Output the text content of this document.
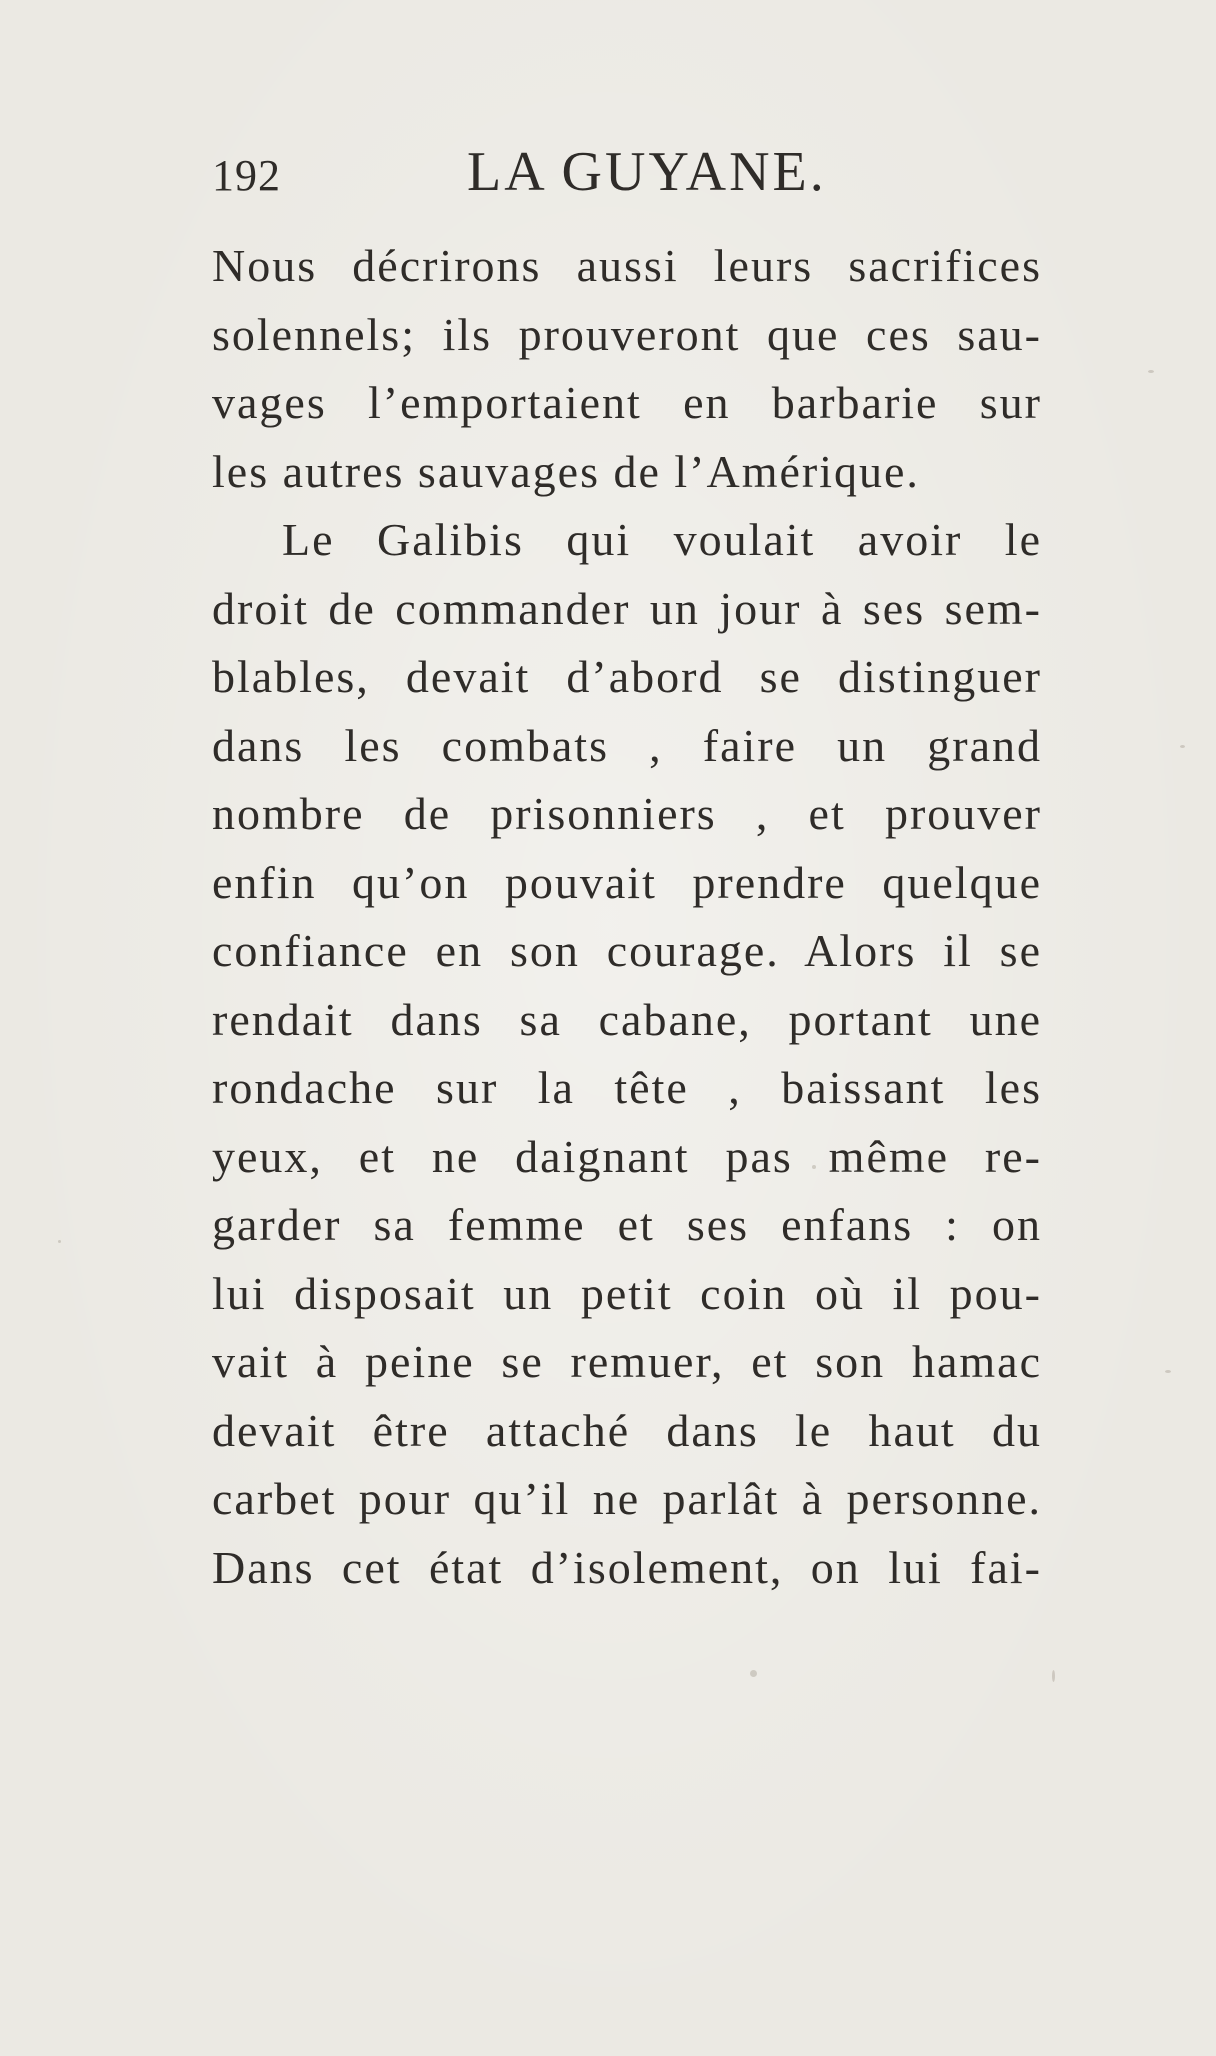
192	LA GUYANE.
Nous décrirons aussi leurs sacrifices
solennels; ils prouveront que ces sau-
vages l’emportaient en barbarie sur
les autres sauvages de l’Amérique.
Le Galibis qui voulait avoir le
droit de commander un jour à ses sem-
blables, devait d’abord se distinguer
dans les combats , faire un grand
nombre de prisonniers , et prouver
enfin qu’on pouvait prendre quelque
confiance en son courage. Alors il se
rendait dans sa cabane, portant une
rondache sur la tête , baissant les
yeux, et ne daignant pas même re-
garder sa femme et ses enfans : on
lui disposait un petit coin où il pou-
vait à peine se remuer, et son hamac
devait être attaché dans le haut du
carbet pour qu’il ne parlât à personne.
Dans cet état d’isolement, on lui fai-
